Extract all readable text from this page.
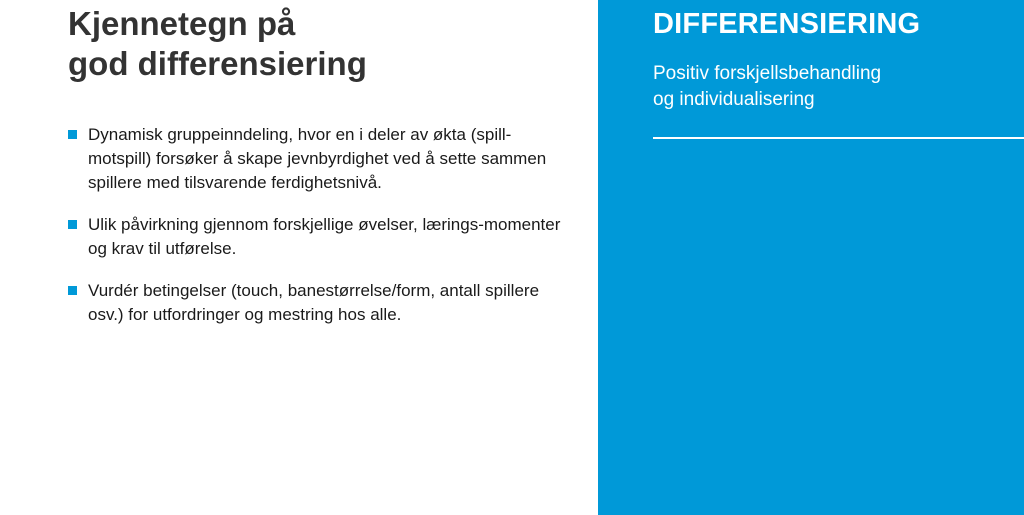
Kjennetegn på
god differensiering
Dynamisk gruppeinndeling, hvor en i deler av økta (spill-motspill) forsøker å skape jevnbyrdighet ved å sette sammen spillere med tilsvarende ferdighetsnivå.
Ulik påvirkning gjennom forskjellige øvelser, lærings-momenter og krav til utførelse.
Vurdér betingelser (touch, banestørrelse/form, antall spillere osv.) for utfordringer og mestring hos alle.
DIFFERENSIERING

Positiv forskjellsbehandling
og individualisering
